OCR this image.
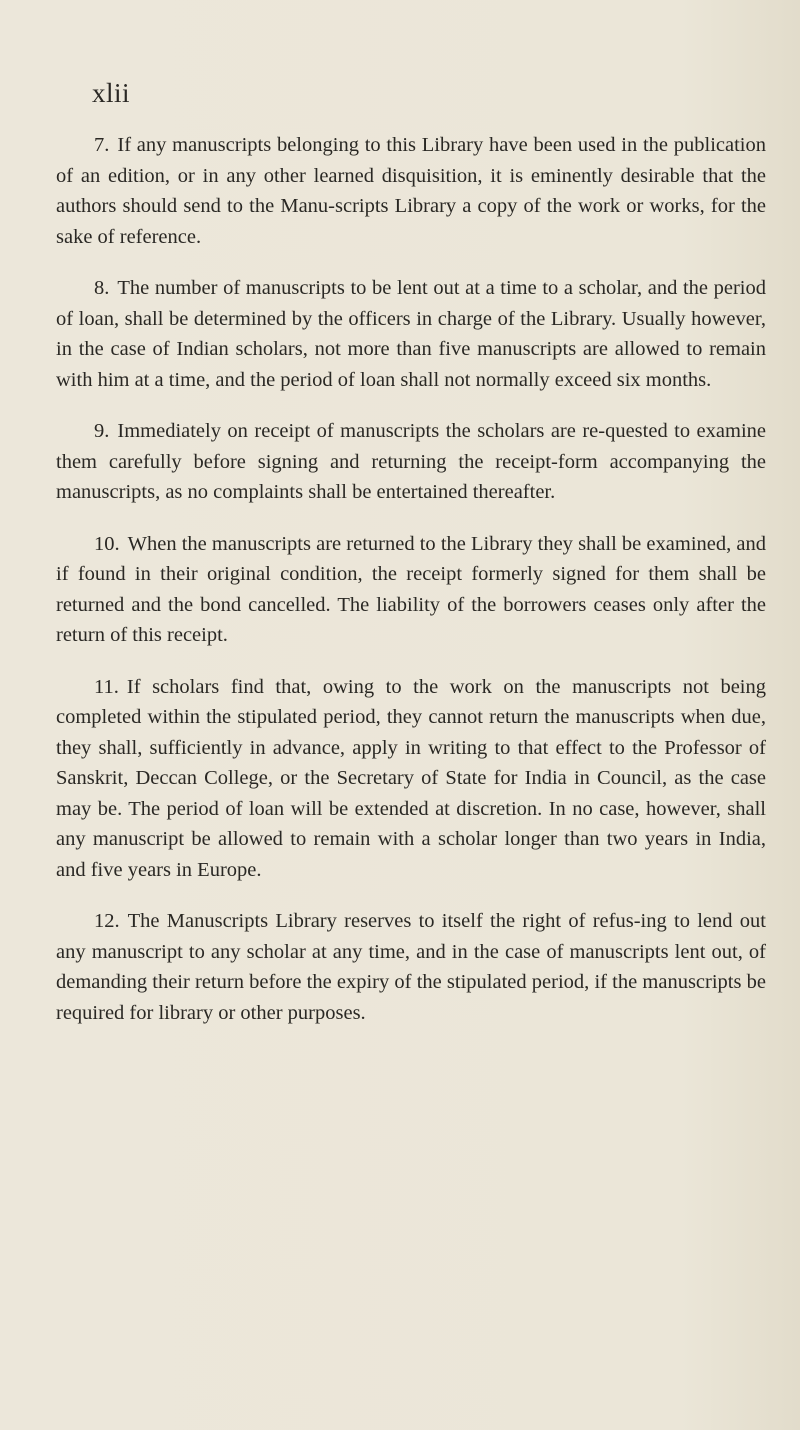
xlii

7. If any manuscripts belonging to this Library have been used in the publication of an edition, or in any other learned disquisition, it is eminently desirable that the authors should send to the Manu-scripts Library a copy of the work or works, for the sake of reference.

8. The number of manuscripts to be lent out at a time to a scholar, and the period of loan, shall be determined by the officers in charge of the Library. Usually however, in the case of Indian scholars, not more than five manuscripts are allowed to remain with him at a time, and the period of loan shall not normally exceed six months.

9. Immediately on receipt of manuscripts the scholars are re-quested to examine them carefully before signing and returning the receipt-form accompanying the manuscripts, as no complaints shall be entertained thereafter.

10. When the manuscripts are returned to the Library they shall be examined, and if found in their original condition, the receipt formerly signed for them shall be returned and the bond cancelled. The liability of the borrowers ceases only after the return of this receipt.

11. If scholars find that, owing to the work on the manuscripts not being completed within the stipulated period, they cannot return the manuscripts when due, they shall, sufficiently in advance, apply in writing to that effect to the Professor of Sanskrit, Deccan College, or the Secretary of State for India in Council, as the case may be. The period of loan will be extended at discretion. In no case, however, shall any manuscript be allowed to remain with a scholar longer than two years in India, and five years in Europe.

12. The Manuscripts Library reserves to itself the right of refus-ing to lend out any manuscript to any scholar at any time, and in the case of manuscripts lent out, of demanding their return before the expiry of the stipulated period, if the manuscripts be required for library or other purposes.
